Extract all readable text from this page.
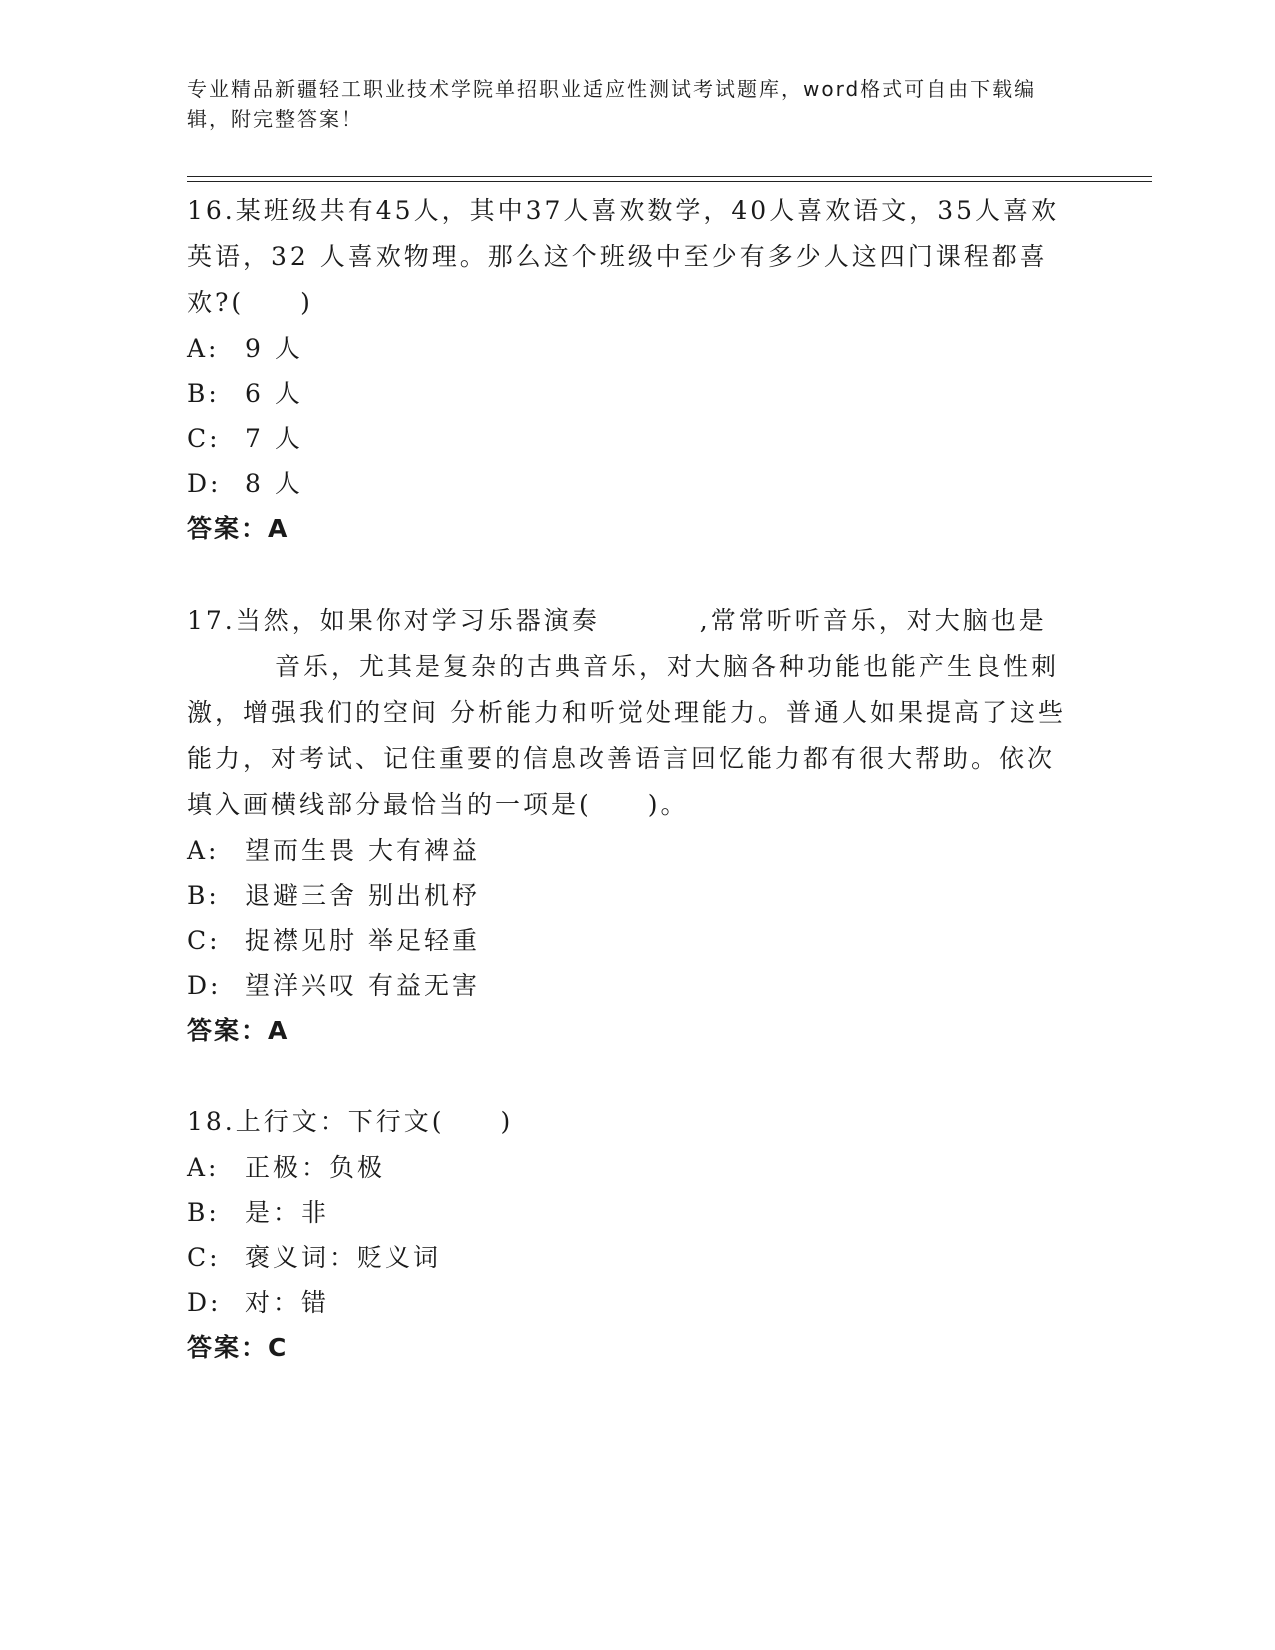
专业精品新疆轻工职业技术学院单招职业适应性测试考试题库，word格式可自由下载编辑，附完整答案！

16.某班级共有45人，其中37人喜欢数学，40人喜欢语文，35人喜欢英语，32 人喜欢物理。那么这个班级中至少有多少人这四门课程都喜欢?(　　)

A: 9 人
B: 6 人
C: 7 人
D: 8 人
答案：A

17.当然，如果你对学习乐器演奏	,常常听听音乐，对大脑也是音乐，尤其是复杂的古典音乐，对大脑各种功能也能产生良性刺激，增强我们的空间 分析能力和听觉处理能力。普通人如果提高了这些能力，对考试、记住重要的信息改善语言回忆能力都有很大帮助。依次填入画横线部分最恰当的一项是(　　)。

A: 望而生畏 大有裨益
B: 退避三舍 别出机杼
C: 捉襟见肘 举足轻重
D: 望洋兴叹 有益无害
答案：A

18.上行文：下行文(　　)

A: 正极：负极
B: 是：非
C: 褒义词：贬义词
D: 对：错
答案：C
